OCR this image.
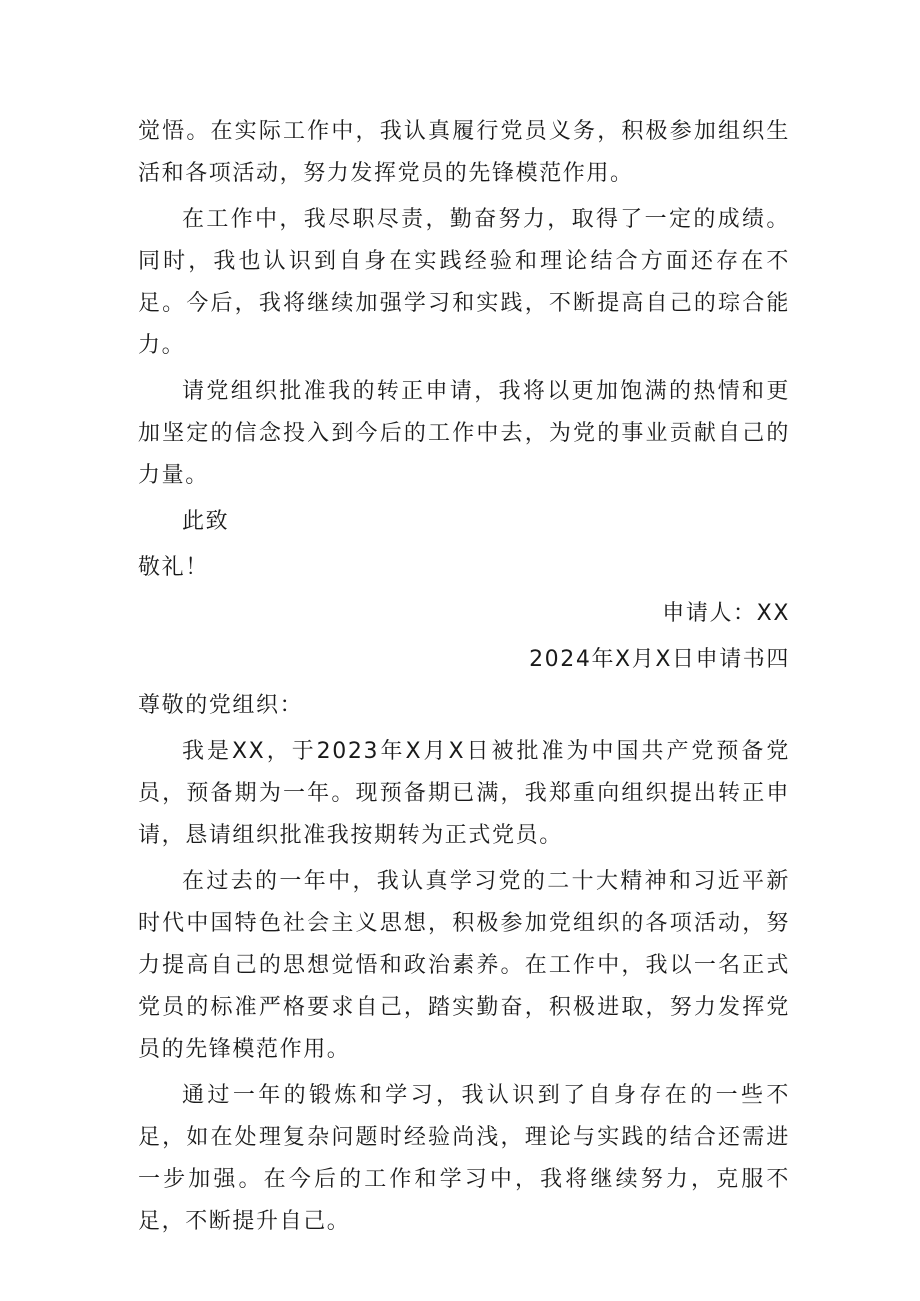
觉悟。在实际工作中，我认真履行党员义务，积极参加组织生活和各项活动，努力发挥党员的先锋模范作用。

在工作中，我尽职尽责，勤奋努力，取得了一定的成绩。同时，我也认识到自身在实践经验和理论结合方面还存在不足。今后，我将继续加强学习和实践，不断提高自己的琮合能力。

请党组织批准我的转正申请，我将以更加饱满的热情和更加坚定的信念投入到今后的工作中去，为党的事业贡献自己的力量。

此致

敬礼！

申请人：XX

2024年X月X日申请书四

尊敬的党组织：

我是XX，于2023年X月X日被批准为中国共产党预备党员，预备期为一年。现预备期已满，我郑重向组织提出转正申请，恳请组织批准我按期转为正式党员。

在过去的一年中，我认真学习党的二十大精神和习近平新时代中国特色社会主义思想，积极参加党组织的各项活动，努力提高自己的思想觉悟和政治素养。在工作中，我以一名正式党员的标准严格要求自己，踏实勤奋，积极进取，努力发挥党员的先锋模范作用。

通过一年的锻炼和学习，我认识到了自身存在的一些不足，如在处理复杂问题时经验尚浅，理论与实践的结合还需进一步加强。在今后的工作和学习中，我将继续努力，克服不足，不断提升自己。
